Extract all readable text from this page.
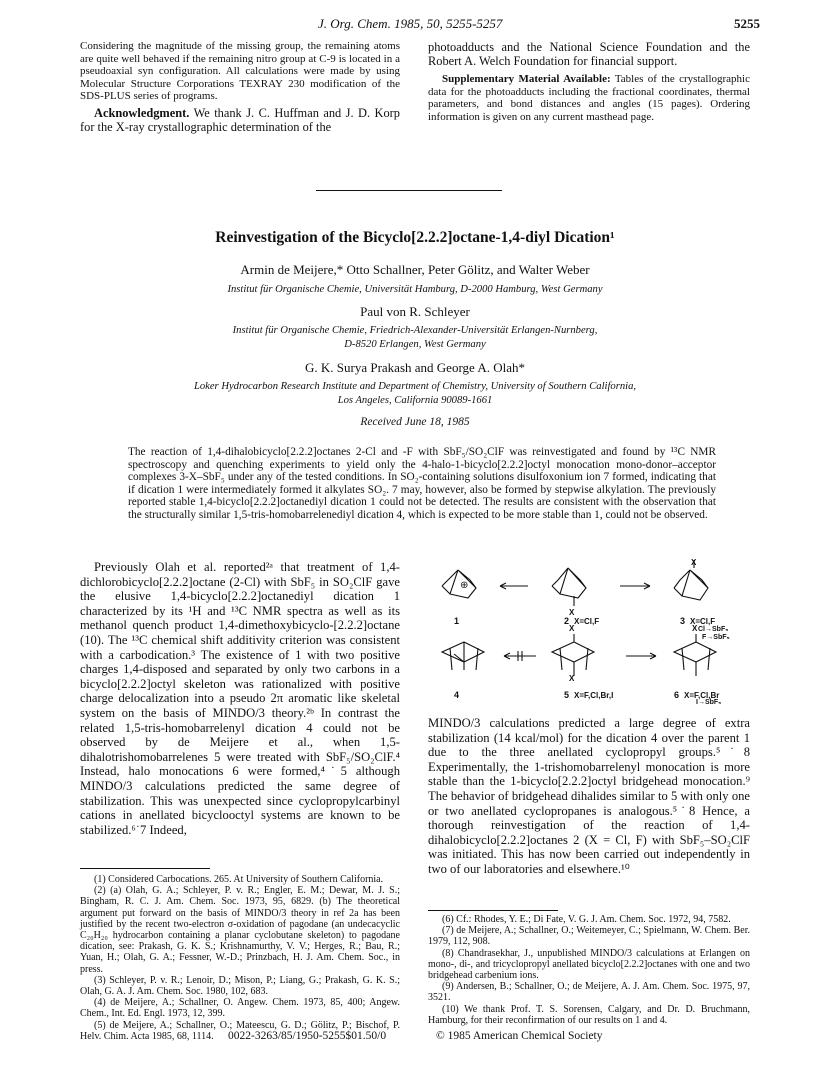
J. Org. Chem. 1985, 50, 5255-5257	5255

Considering the magnitude of the missing group, the remaining atoms are quite well behaved if the remaining nitro group at C-9 is located in a pseudoaxial syn configuration. All calculations were made by using Molecular Structure Corporations TEXRAY 230 modification of the SDS-PLUS series of programs.

Acknowledgment. We thank J. C. Huffman and J. D. Korp for the X-ray crystallographic determination of the

photoadducts and the National Science Foundation and the Robert A. Welch Foundation for financial support.

Supplementary Material Available: Tables of the crystallographic data for the photoadducts including the fractional coordinates, thermal parameters, and bond distances and angles (15 pages). Ordering information is given on any current masthead page.

Reinvestigation of the Bicyclo[2.2.2]octane-1,4-diyl Dication¹
Armin de Meijere,* Otto Schallner, Peter Gölitz, and Walter Weber
Institut für Organische Chemie, Universität Hamburg, D-2000 Hamburg, West Germany
Paul von R. Schleyer
Institut für Organische Chemie, Friedrich-Alexander-Universität Erlangen-Nurnberg,
D-8520 Erlangen, West Germany
G. K. Surya Prakash and George A. Olah*
Loker Hydrocarbon Research Institute and Department of Chemistry, University of Southern California,
Los Angeles, California 90089-1661
Received June 18, 1985
The reaction of 1,4-dihalobicyclo[2.2.2]octanes 2-Cl and -F with SbF₅/SO₂ClF was reinvestigated and found by ¹³C NMR spectroscopy and quenching experiments to yield only the 4-halo-1-bicyclo[2.2.2]octyl monocation mono-donor–acceptor complexes 3-X–SbF₅ under any of the tested conditions. In SO₂-containing solutions disulfoxonium ion 7 formed, indicating that if dication 1 were intermediately formed it alkylates SO₂. 7 may, however, also be formed by stepwise alkylation. The previously reported stable 1,4-bicyclo[2.2.2]octanediyl dication 1 could not be detected. The results are consistent with the observation that the structurally similar 1,5-tris-homobarrelenediyl dication 4, which is expected to be more stable than 1, could not be observed.
Previously Olah et al. reported²ᵃ that treatment of 1,4-dichlorobicyclo[2.2.2]octane (2-Cl) with SbF₅ in SO₂ClF gave the elusive 1,4-bicyclo[2.2.2]octanediyl dication 1 characterized by its ¹H and ¹³C NMR spectra as well as its methanol quench product 1,4-dimethoxybicyclo-[2.2.2]octane (10). The ¹³C chemical shift additivity criterion was consistent with a carbodication.³ The existence of 1 with two positive charges 1,4-disposed and separated by only two carbons in a bicyclo[2.2.2]octyl skeleton was rationalized with positive charge delocalization into a pseudo 2π aromatic like skeletal system on the basis of MINDO/3 theory.²ᵇ In contrast the related 1,5-tris-homobarrelenyl dication 4 could not be observed by de Meijere et al., when 1,5-dihalotrishomobarrelenes 5 were treated with SbF₅/SO₂ClF.⁴ Instead, halo monocations 6 were formed,⁴˙5 although MINDO/3 calculations predicted the same degree of stabilization. This was unexpected since cyclopropylcarbinyl cations in anellated bicyclooctyl systems are known to be stabilized.⁶˙7 Indeed,
⊕
X
X
X
X
X
1	2 X=Cl,F	3 X=Cl,F
Cl→SbF₅
F→SbF₅
4	5 X=F,Cl,Br,I	6 X=F,Cl,Br
I→SbF₅
MINDO/3 calculations predicted a large degree of extra stabilization (14 kcal/mol) for the dication 4 over the parent 1 due to the three anellated cyclopropyl groups.⁵˙8 Experimentally, the 1-trishomobarrelenyl monocation is more stable than the 1-bicyclo[2.2.2]octyl bridgehead monocation.⁹ The behavior of bridgehead dihalides similar to 5 with only one or two anellated cyclopropanes is analogous.⁵˙8 Hence, a thorough reinvestigation of the reaction of 1,4-dihalobicyclo[2.2.2]octanes 2 (X = Cl, F) with SbF₅–SO₂ClF was initiated. This has now been carried out independently in two of our laboratories and elsewhere.¹⁰

(1) Considered Carbocations. 265. At University of Southern California.

(2) (a) Olah, G. A.; Schleyer, P. v. R.; Engler, E. M.; Dewar, M. J. S.; Bingham, R. C. J. Am. Chem. Soc. 1973, 95, 6829. (b) The theoretical argument put forward on the basis of MINDO/3 theory in ref 2a has been justified by the recent two-electron σ-oxidation of pagodane (an undecacyclic C₂₀H₂₀ hydrocarbon containing a planar cyclobutane skeleton) to pagodane dication, see: Prakash, G. K. S.; Krishnamurthy, V. V.; Herges, R.; Bau, R.; Yuan, H.; Olah, G. A.; Fessner, W.-D.; Prinzbach, H. J. Am. Chem. Soc., in press.

(3) Schleyer, P. v. R.; Lenoir, D.; Mison, P.; Liang, G.; Prakash, G. K. S.; Olah, G. A. J. Am. Chem. Soc. 1980, 102, 683.

(4) de Meijere, A.; Schallner, O. Angew. Chem. 1973, 85, 400; Angew. Chem., Int. Ed. Engl. 1973, 12, 399.

(5) de Meijere, A.; Schallner, O.; Mateescu, G. D.; Gölitz, P.; Bischof, P. Helv. Chim. Acta 1985, 68, 1114.

(6) Cf.: Rhodes, Y. E.; Di Fate, V. G. J. Am. Chem. Soc. 1972, 94, 7582.

(7) de Meijere, A.; Schallner, O.; Weitemeyer, C.; Spielmann, W. Chem. Ber. 1979, 112, 908.

(8) Chandrasekhar, J., unpublished MINDO/3 calculations at Erlangen on mono-, di-, and tricyclopropyl anellated bicyclo[2.2.2]octanes with one and two bridgehead carbenium ions.

(9) Andersen, B.; Schallner, O.; de Meijere, A. J. Am. Chem. Soc. 1975, 97, 3521.

(10) We thank Prof. T. S. Sorensen, Calgary, and Dr. D. Bruchmann, Hamburg, for their reconfirmation of our results on 1 and 4.

0022-3263/85/1950-5255$01.50/0	© 1985 American Chemical Society
